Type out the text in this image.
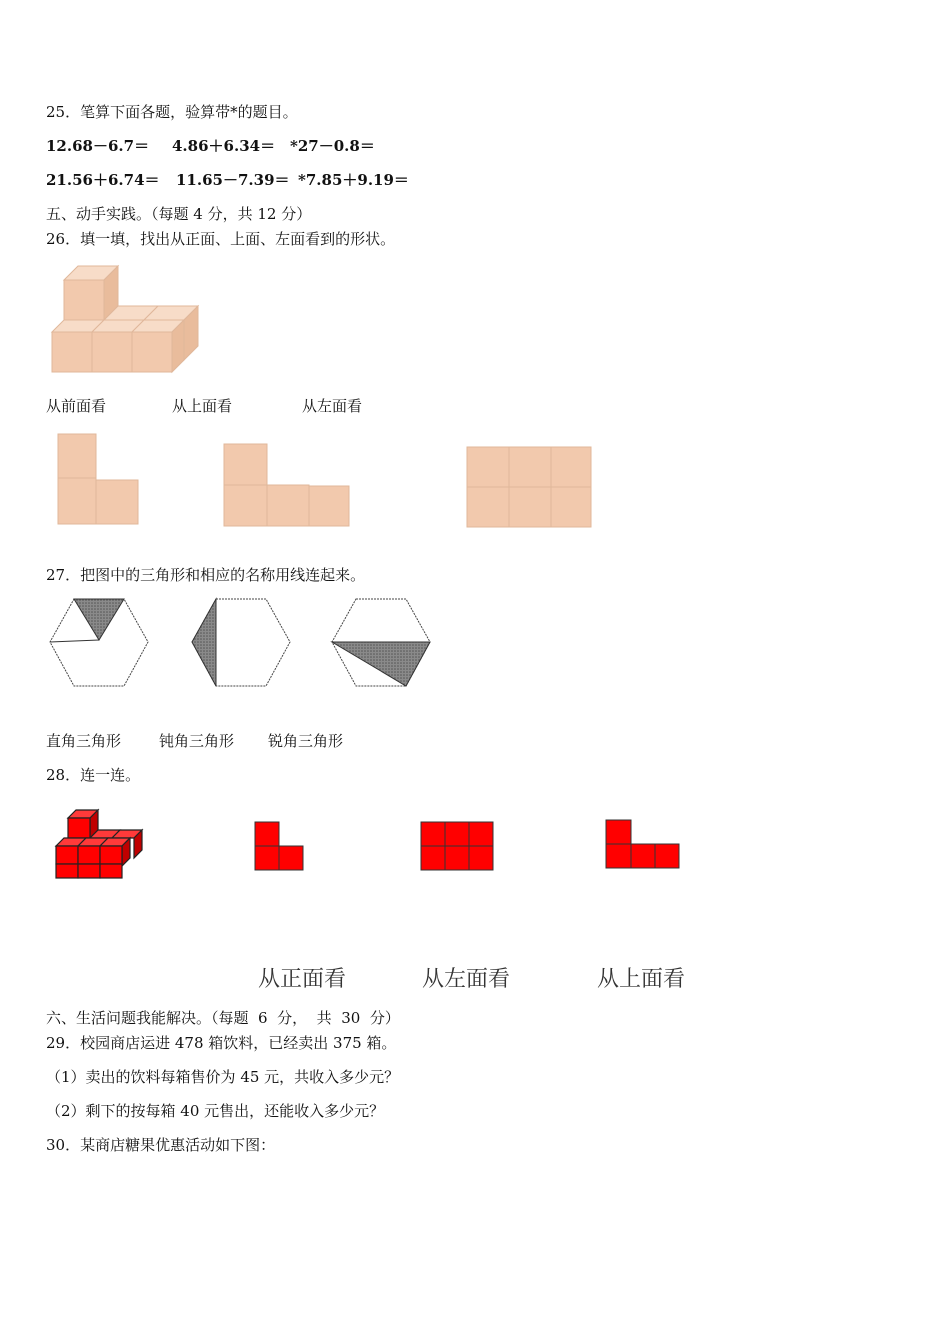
25．笔算下面各题，验算带*的题目。
12.68－6.7＝ 4.86＋6.34＝ *27－0.8＝
21.56＋6.74＝ 11.65－7.39＝ *7.85＋9.19＝
五、动手实践。（每题 4 分，共 12 分）
26．填一填，找出从正面、上面、左面看到的形状。
从前面看	从上面看	从左面看
27．把图中的三角形和相应的名称用线连起来。
直角三角形	钝角三角形 锐角三角形
28．连一连。
从正面看	从左面看	从上面看
六、生活问题我能解决。（每题  6  分，  共  30  分）
29．校园商店运进 478 箱饮料，已经卖出 375 箱。
（1）卖出的饮料每箱售价为 45 元，共收入多少元？
（2）剩下的按每箱 40 元售出，还能收入多少元？
30．某商店糖果优惠活动如下图：
